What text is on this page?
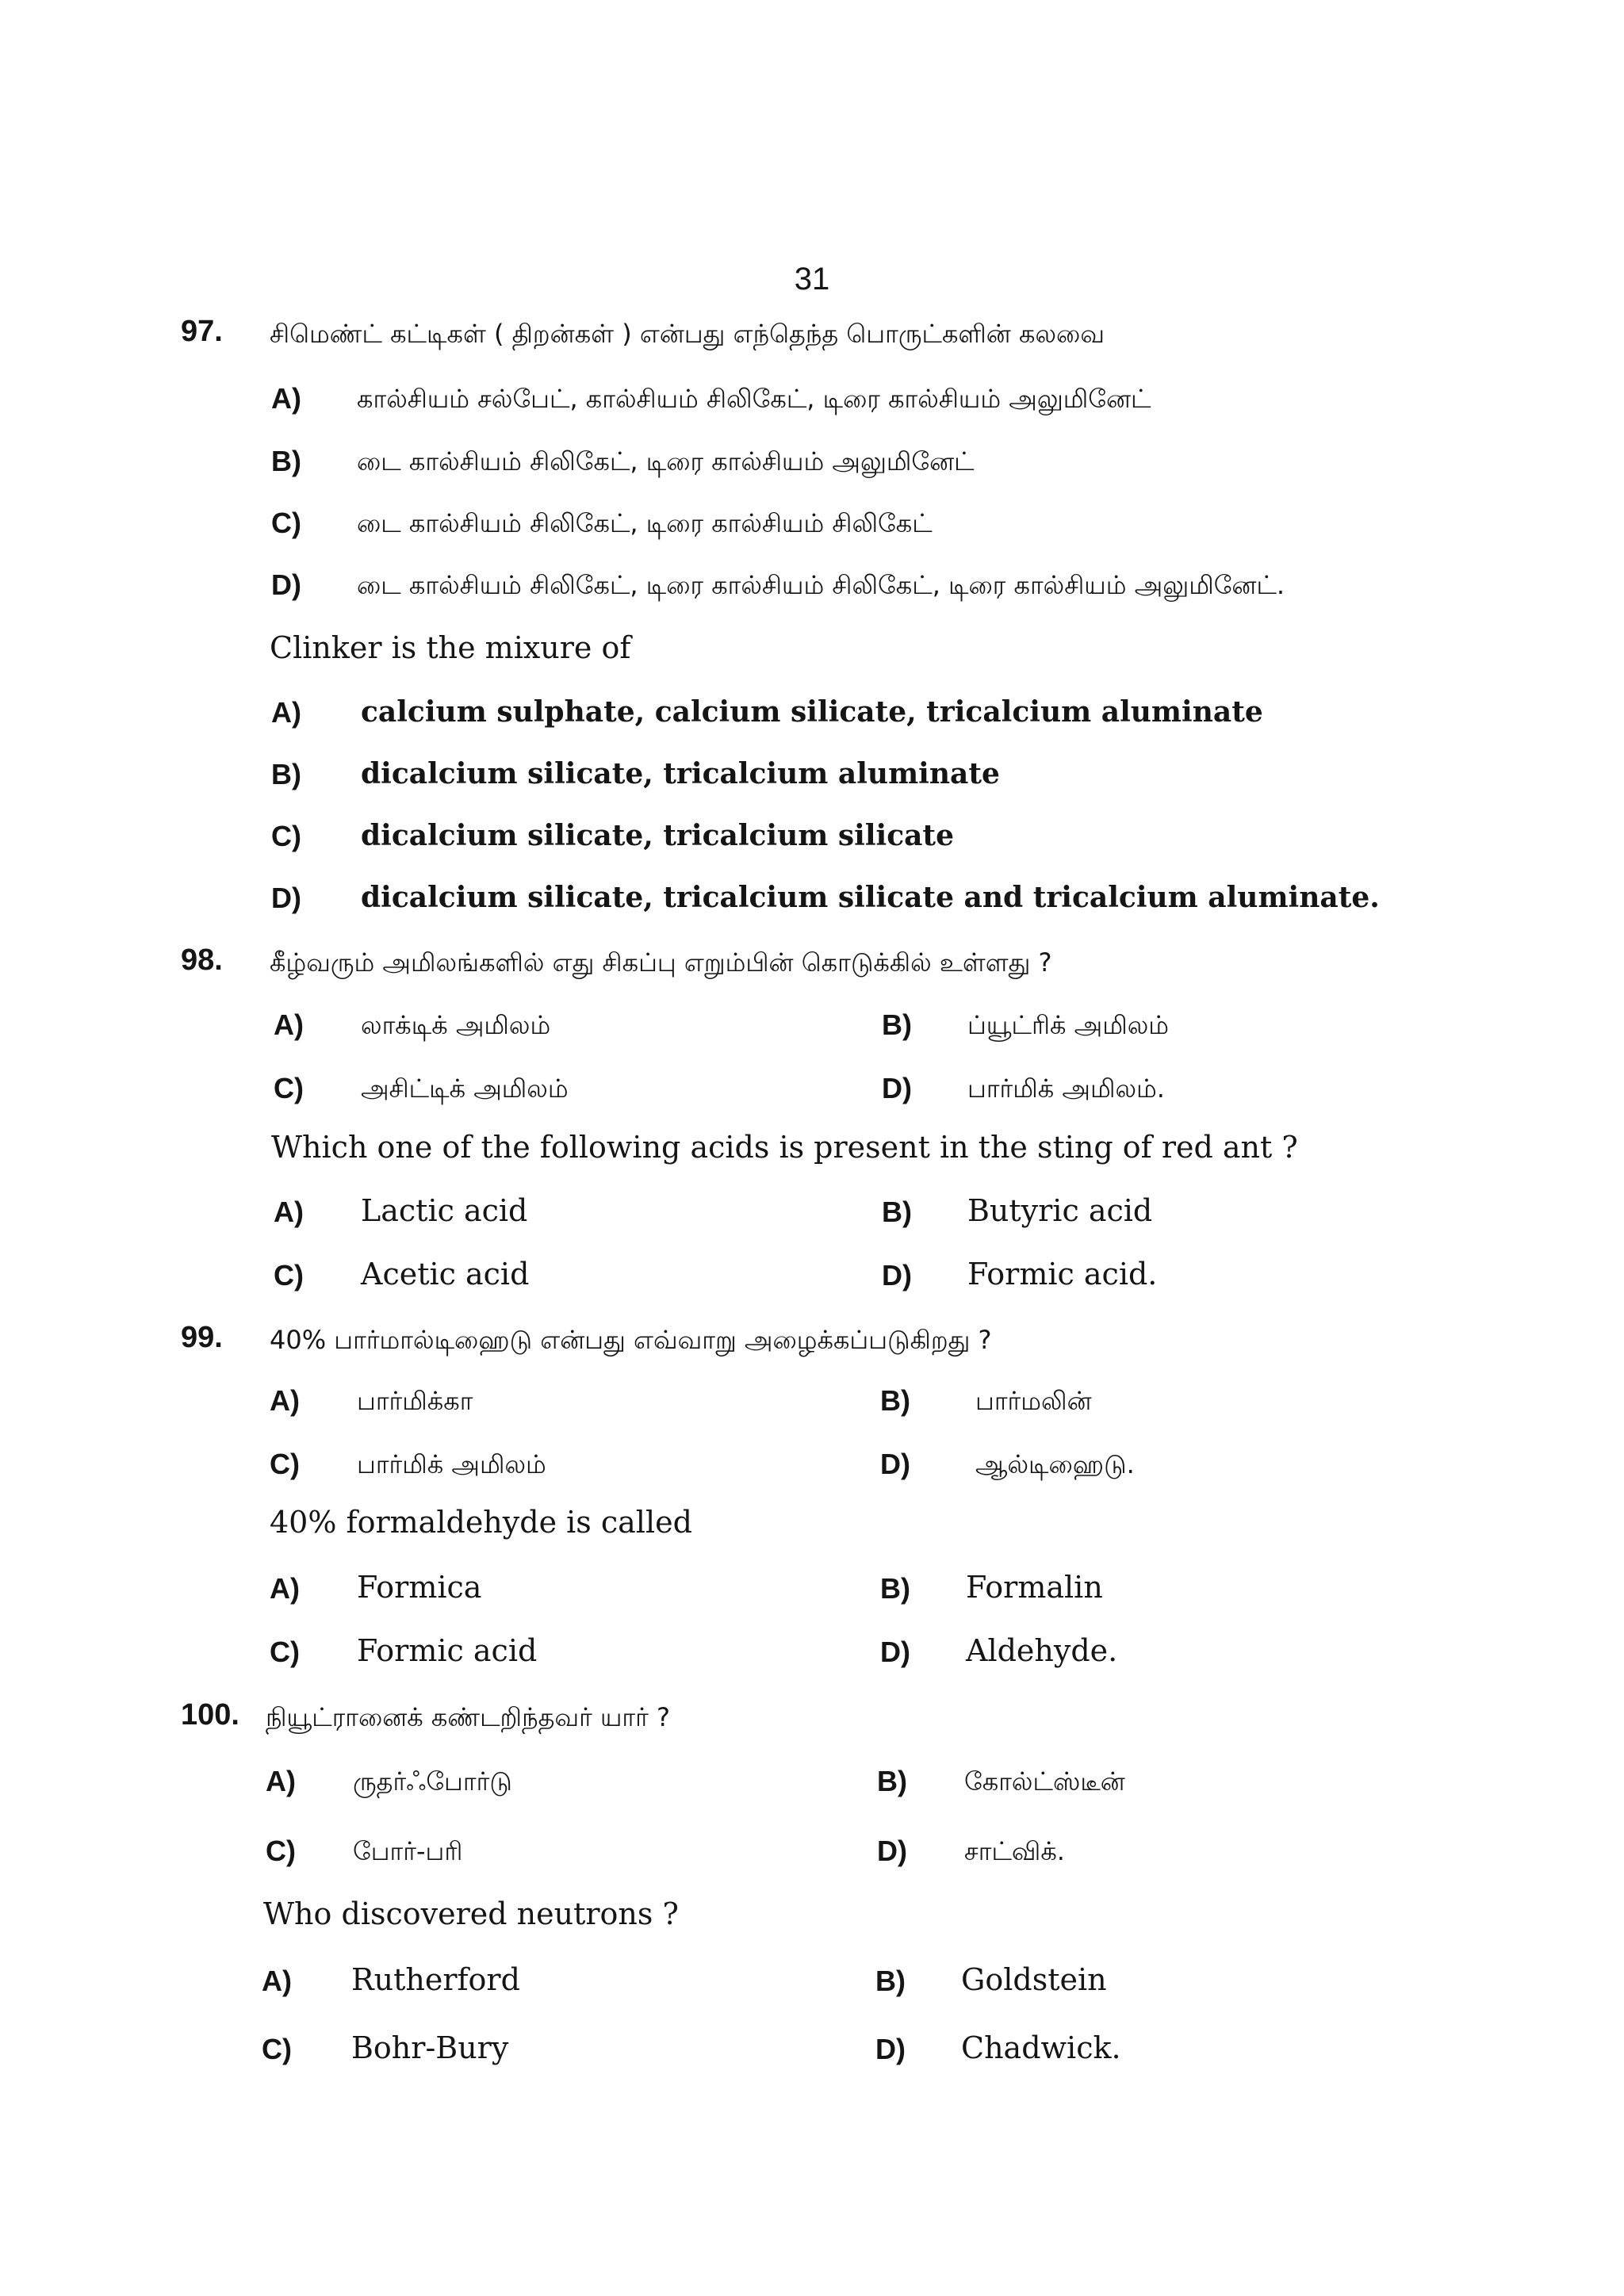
31
97. சிமெண்ட் கட்டிகள் ( திறன்கள் ) என்பது எந்தெந்த பொருட்களின் கலவை
A) கால்சியம் சல்பேட், கால்சியம் சிலிகேட், டிரை கால்சியம் அலுமினேட்
B) டை கால்சியம் சிலிகேட், டிரை கால்சியம் அலுமினேட்
C) டை கால்சியம் சிலிகேட், டிரை கால்சியம் சிலிகேட்
D) டை கால்சியம் சிலிகேட், டிரை கால்சியம் சிலிகேட், டிரை கால்சியம் அலுமினேட்.
Clinker is the mixure of
A) calcium sulphate, calcium silicate, tricalcium aluminate
B) dicalcium silicate, tricalcium aluminate
C) dicalcium silicate, tricalcium silicate
D) dicalcium silicate, tricalcium silicate and tricalcium aluminate.
98. கீழ்வரும் அமிலங்களில் எது சிகப்பு எறும்பின் கொடுக்கில் உள்ளது ?
A) லாக்டிக் அமிலம்	B) ப்யூட்ரிக் அமிலம்
C) அசிட்டிக் அமிலம்	D) பார்மிக் அமிலம்.
Which one of the following acids is present in the sting of red ant ?
A) Lactic acid	B) Butyric acid
C) Acetic acid	D) Formic acid.
99. 40% பார்மால்டிஹைடு என்பது எவ்வாறு அழைக்கப்படுகிறது ?
A) பார்மிக்கா	B)	பார்மலின்
C) பார்மிக் அமிலம்	D)	ஆல்டிஹைடு.
40% formaldehyde is called
A) Formica	B) Formalin
C) Formic acid	D) Aldehyde.
100. நியூட்ரானைக் கண்டறிந்தவர் யார் ?
A) ருதர்ஃபோர்டு	B) கோல்ட்ஸ்டீன்
C) போர்-பரி	D) சாட்விக்.
Who discovered neutrons ?
A) Rutherford	B) Goldstein
C) Bohr-Bury	D) Chadwick.
